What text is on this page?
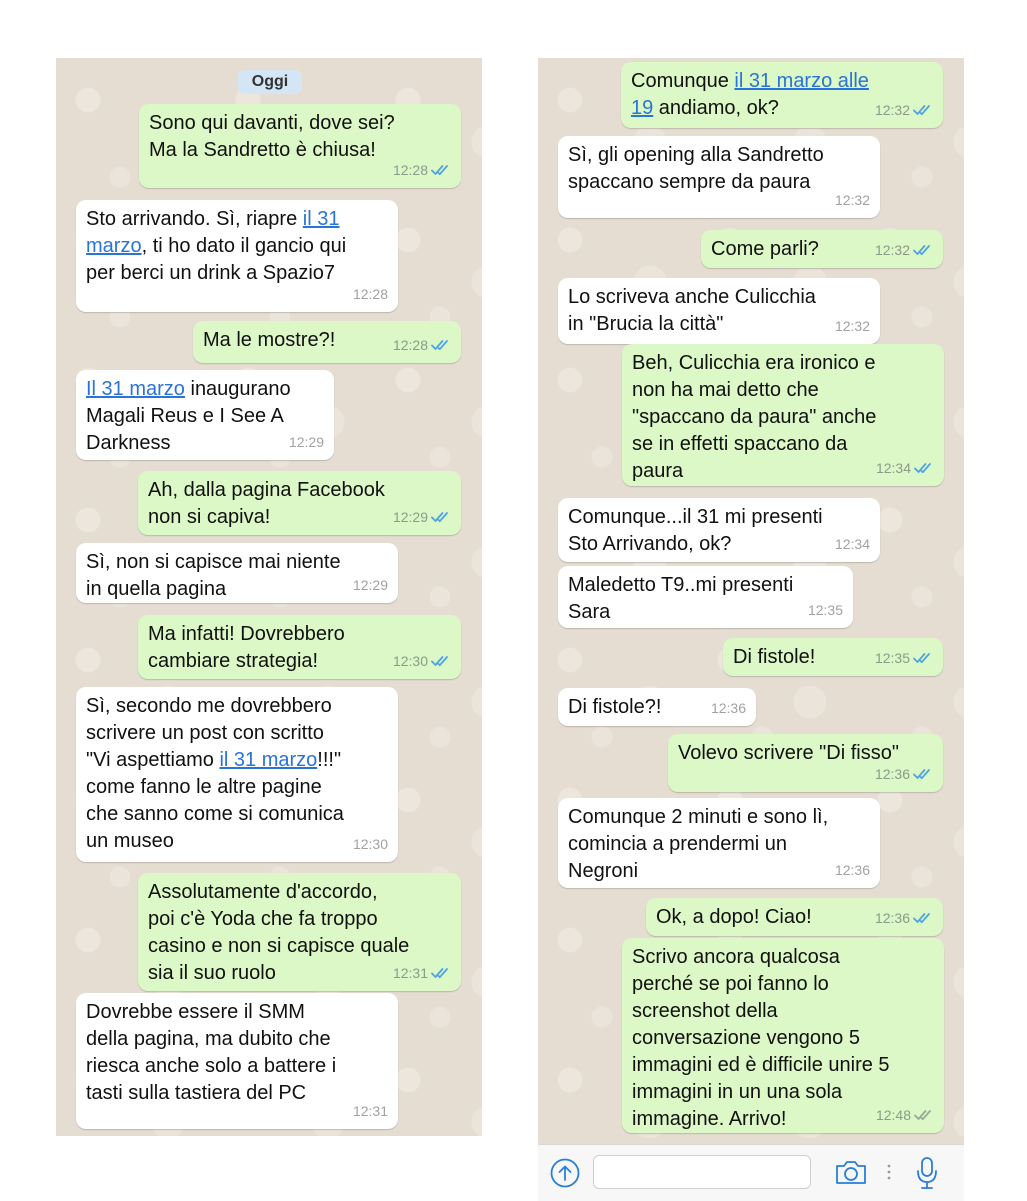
Oggi
Sono qui davanti, dove sei?
Ma la Sandretto è chiusa!
12:28
Sto arrivando. Sì, riapre il 31
marzo, ti ho dato il gancio qui
per berci un drink a Spazio7
12:28
Ma le mostre?!	12:28
Il 31 marzo inaugurano
Magali Reus e I See A
Darkness	12:29
Ah, dalla pagina Facebook
non si capiva!	12:29
Sì, non si capisce mai niente
in quella pagina	12:29
Ma infatti! Dovrebbero
cambiare strategia!	12:30
Sì, secondo me dovrebbero
scrivere un post con scritto
"Vi aspettiamo il 31 marzo!!!"
come fanno le altre pagine
che sanno come si comunica
un museo	12:30
Assolutamente d'accordo,
poi c'è Yoda che fa troppo
casino e non si capisce quale
sia il suo ruolo	12:31
Dovrebbe essere il SMM
della pagina, ma dubito che
riesca anche solo a battere i
tasti sulla tastiera del PC
12:31
Comunque il 31 marzo alle
19 andiamo, ok?	12:32
Sì, gli opening alla Sandretto
spaccano sempre da paura
12:32
Come parli?	12:32
Lo scriveva anche Culicchia
in "Brucia la città"	12:32
Beh, Culicchia era ironico e
non ha mai detto che
"spaccano da paura" anche
se in effetti spaccano da
paura	12:34
Comunque...il 31 mi presenti
Sto Arrivando, ok?	12:34
Maledetto T9..mi presenti
Sara	12:35
Di fistole!	12:35
Di fistole?!	12:36
Volevo scrivere "Di fisso"
12:36
Comunque 2 minuti e sono lì,
comincia a prendermi un
Negroni	12:36
Ok, a dopo! Ciao!	12:36
Scrivo ancora qualcosa
perché se poi fanno lo
screenshot della
conversazione vengono 5
immagini ed è difficile unire 5
immagini in un una sola
immagine. Arrivo!	12:48
